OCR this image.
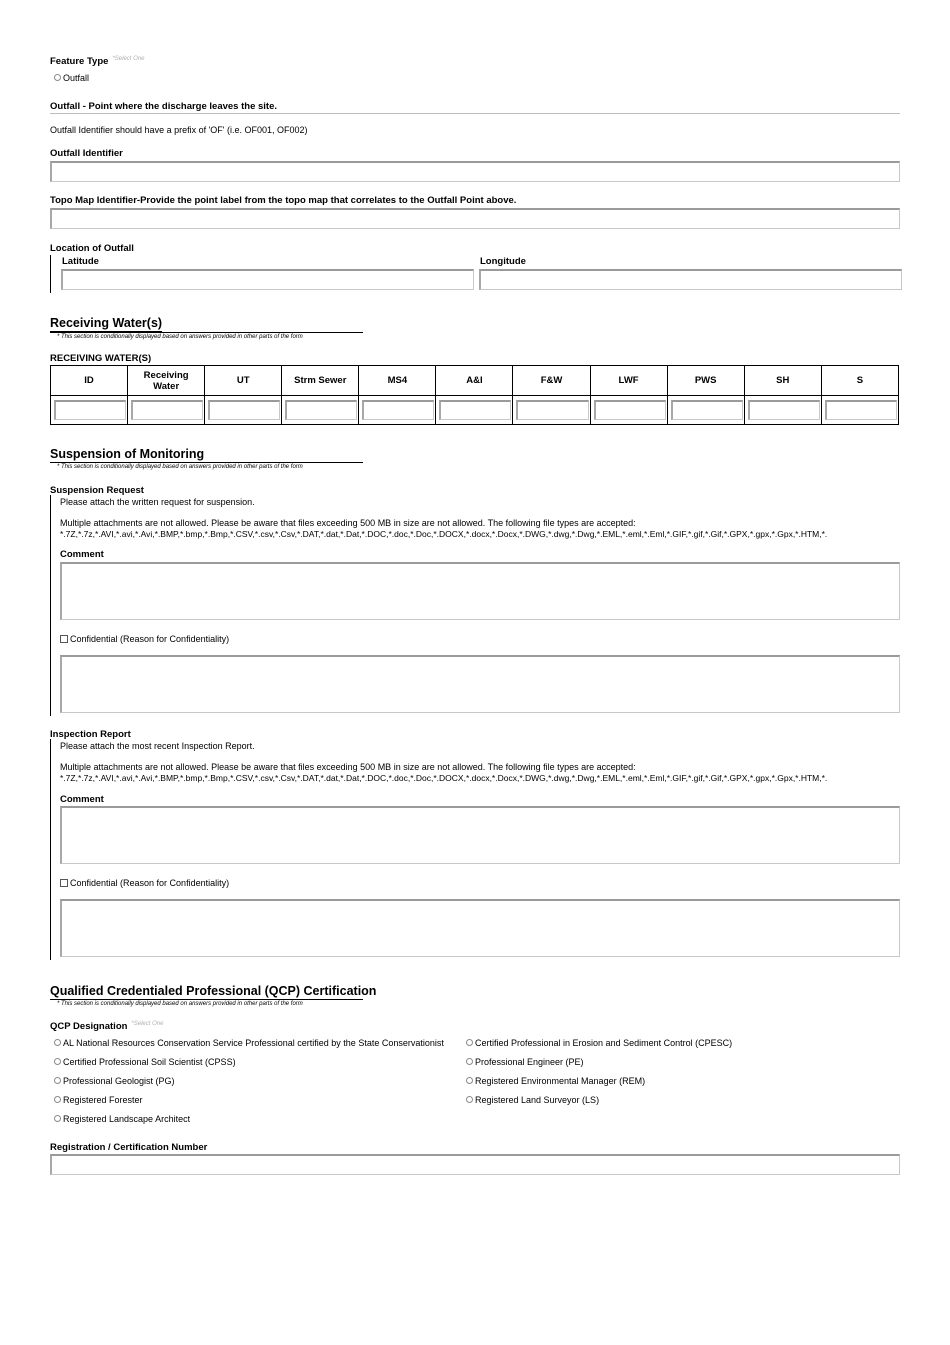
Feature Type $^{*Select One}$
Outfall
Outfall - Point where the discharge leaves the site.
Outfall Identifier should have a prefix of 'OF' (i.e. OF001, OF002)
Outfall Identifier
Topo Map Identifier-Provide the point label from the topo map that correlates to the Outfall Point above.
Location of Outfall
Latitude	Longitude
Receiving Water(s)
* This section is conditionally displayed based on answers provided in other parts of the form
RECEIVING WATER(S)
ID	Receiving Water	UT	Strm Sewer	MS4	A&I	F&W	LWF	PWS	SH	S

Suspension of Monitoring
* This section is conditionally displayed based on answers provided in other parts of the form
Suspension Request
Please attach the written request for suspension.
Multiple attachments are not allowed. Please be aware that files exceeding 500 MB in size are not allowed. The following file types are accepted:
*.7Z,*.7z,*.AVI,*.avi,*.Avi,*.BMP,*.bmp,*.Bmp,*.CSV,*.csv,*.Csv,*.DAT,*.dat,*.Dat,*.DOC,*.doc,*.Doc,*.DOCX,*.docx,*.Docx,*.DWG,*.dwg,*.Dwg,*.EML,*.eml,*.Eml,*.GIF,*.gif,*.Gif,*.GPX,*.gpx,*.Gpx,*.HTM,*.
Comment
Confidential (Reason for Confidentiality)
Inspection Report
Please attach the most recent Inspection Report.
Multiple attachments are not allowed. Please be aware that files exceeding 500 MB in size are not allowed. The following file types are accepted:
*.7Z,*.7z,*.AVI,*.avi,*.Avi,*.BMP,*.bmp,*.Bmp,*.CSV,*.csv,*.Csv,*.DAT,*.dat,*.Dat,*.DOC,*.doc,*.Doc,*.DOCX,*.docx,*.Docx,*.DWG,*.dwg,*.Dwg,*.EML,*.eml,*.Eml,*.GIF,*.gif,*.Gif,*.GPX,*.gpx,*.Gpx,*.HTM,*.
Comment
Confidential (Reason for Confidentiality)
Qualified Credentialed Professional (QCP) Certification
* This section is conditionally displayed based on answers provided in other parts of the form
QCP Designation $^{*Select One}$
AL National Resources Conservation Service Professional certified by the State Conservationist	Certified Professional in Erosion and Sediment Control (CPESC)
Certified Professional Soil Scientist (CPSS)	Professional Engineer (PE)
Professional Geologist (PG)	Registered Environmental Manager (REM)
Registered Forester	Registered Land Surveyor (LS)
Registered Landscape Architect
Registration / Certification Number
